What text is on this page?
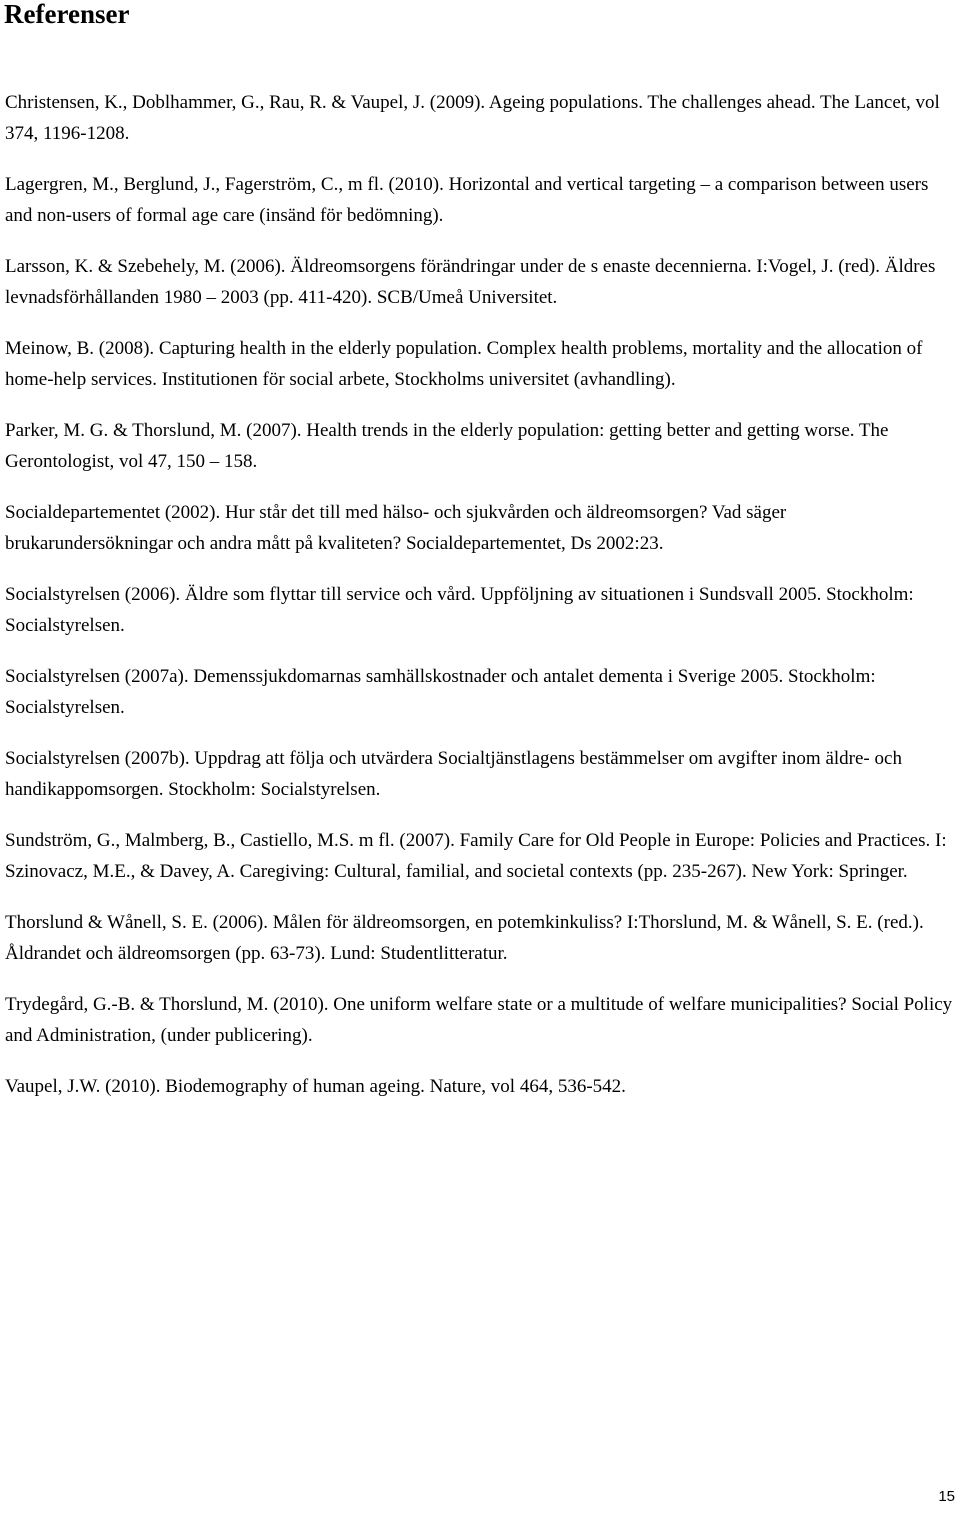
Referenser
Christensen, K., Doblhammer, G., Rau, R. & Vaupel, J. (2009). Ageing populations. The challenges ahead. The Lancet, vol 374, 1196-1208.
Lagergren, M., Berglund, J., Fagerström, C., m fl. (2010). Horizontal and vertical targeting – a comparison between users and non-users of formal age care (insänd för bedömning).
Larsson, K. & Szebehely, M. (2006). Äldreomsorgens förändringar under de s enaste decennierna. I:Vogel, J. (red). Äldres levnadsförhållanden 1980 – 2003 (pp. 411-420). SCB/Umeå Universitet.
Meinow, B. (2008). Capturing health in the elderly population. Complex health problems, mortality and the allocation of home-help services. Institutionen för social arbete, Stockholms universitet (avhandling).
Parker, M. G. & Thorslund, M. (2007). Health trends in the elderly population: getting better and getting worse. The Gerontologist, vol 47, 150 – 158.
Socialdepartementet (2002). Hur står det till med hälso- och sjukvården och äldreomsorgen? Vad säger brukarundersökningar och andra mått på kvaliteten? Socialdepartementet, Ds 2002:23.
Socialstyrelsen (2006). Äldre som flyttar till service och vård. Uppföljning av situationen i Sundsvall 2005. Stockholm: Socialstyrelsen.
Socialstyrelsen (2007a). Demenssjukdomarnas samhällskostnader och antalet dementa i Sverige 2005. Stockholm: Socialstyrelsen.
Socialstyrelsen (2007b). Uppdrag att följa och utvärdera Socialtjänstlagens bestämmelser om avgifter inom äldre- och handikappomsorgen. Stockholm: Socialstyrelsen.
Sundström, G., Malmberg, B., Castiello, M.S. m fl. (2007). Family Care for Old People in Europe: Policies and Practices. I: Szinovacz, M.E., & Davey, A. Caregiving: Cultural, familial, and societal contexts (pp. 235-267). New York: Springer.
Thorslund & Wånell, S. E. (2006). Målen för äldreomsorgen, en potemkinkuliss? I:Thorslund, M. & Wånell, S. E. (red.). Åldrandet och äldreomsorgen (pp. 63-73). Lund: Studentlitteratur.
Trydegård, G.-B. & Thorslund, M. (2010). One uniform welfare state or a multitude of welfare municipalities? Social Policy and Administration, (under publicering).
Vaupel, J.W. (2010). Biodemography of human ageing. Nature, vol 464, 536-542.
15
